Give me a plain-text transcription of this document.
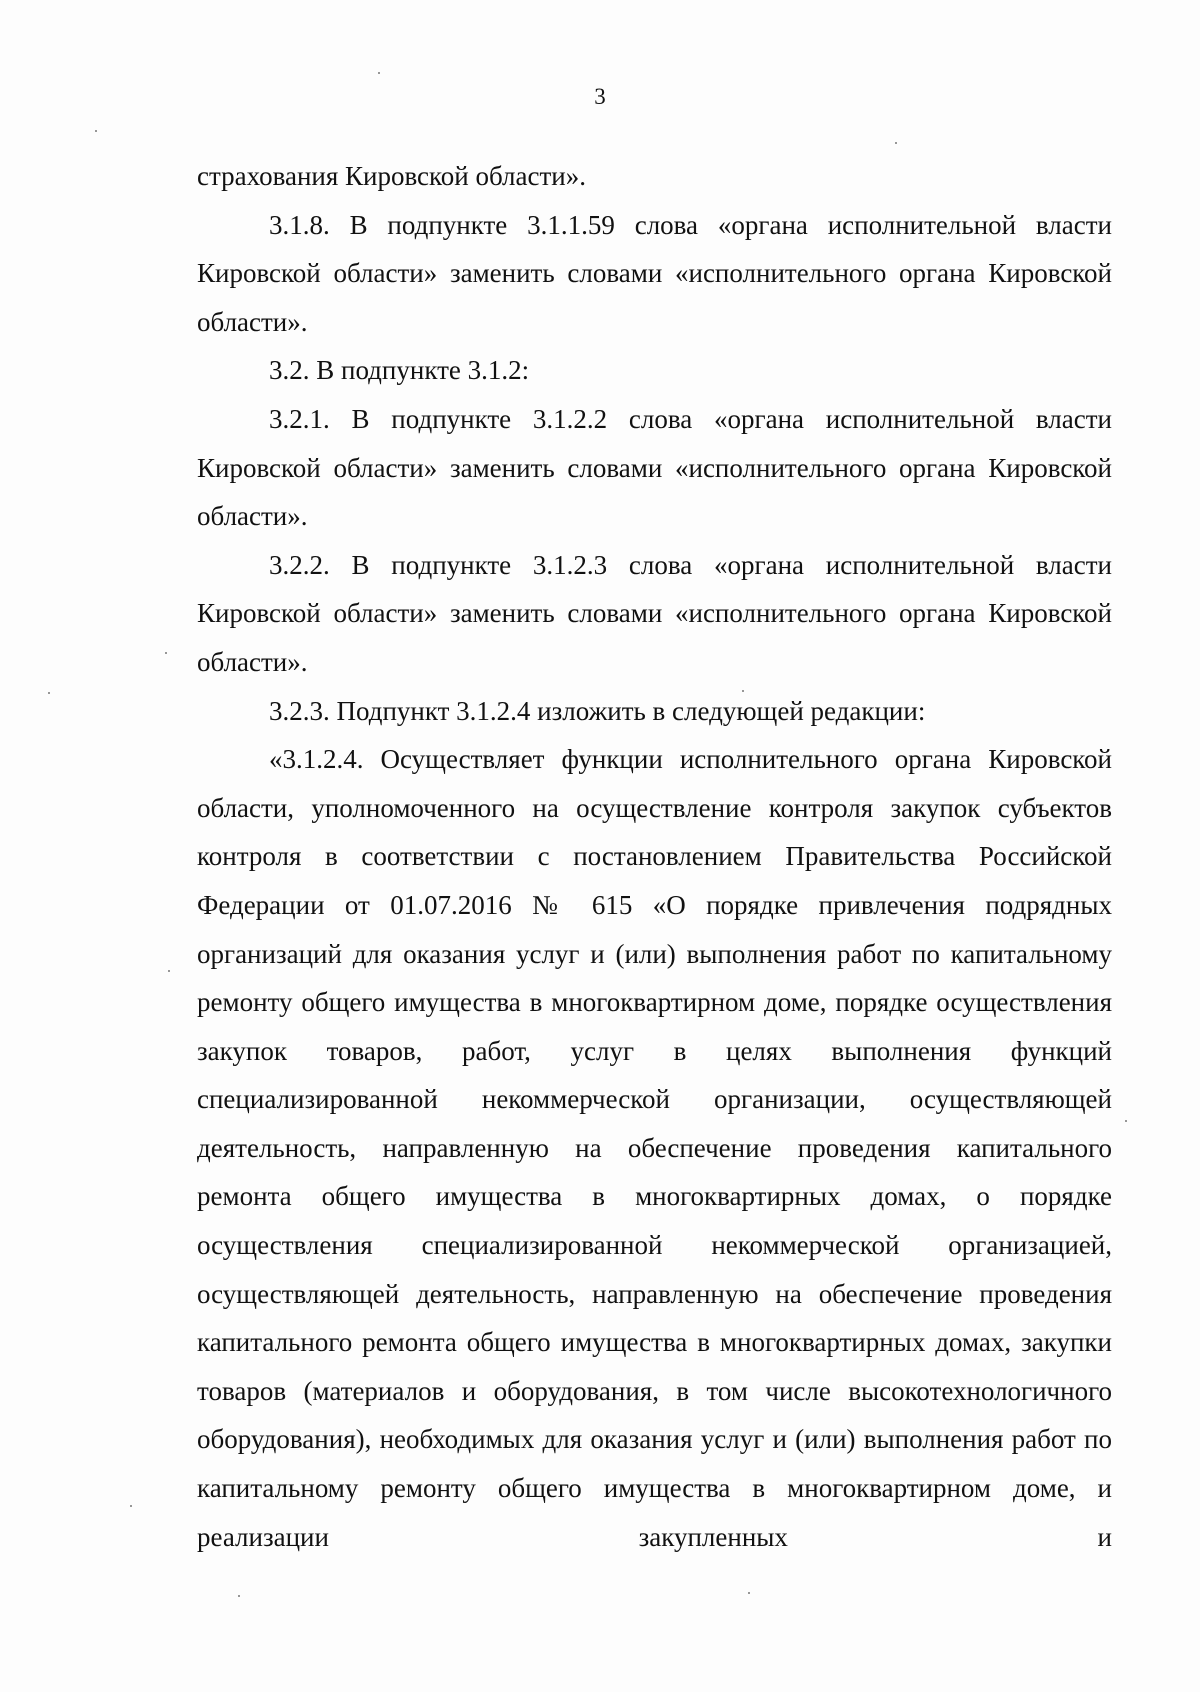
3

страхования Кировской области».

3.1.8. В подпункте 3.1.1.59 слова «органа исполнительной власти Кировской области» заменить словами «исполнительного органа Кировской области».

3.2. В подпункте 3.1.2:

3.2.1. В подпункте 3.1.2.2 слова «органа исполнительной власти Кировской области» заменить словами «исполнительного органа Кировской области».

3.2.2. В подпункте 3.1.2.3 слова «органа исполнительной власти Кировской области» заменить словами «исполнительного органа Кировской области».

3.2.3. Подпункт 3.1.2.4 изложить в следующей редакции:

«3.1.2.4. Осуществляет функции исполнительного органа Кировской области, уполномоченного на осуществление контроля закупок субъектов контроля в соответствии с постановлением Правительства Российской Федерации от 01.07.2016 № 615 «О порядке привлечения подрядных организаций для оказания услуг и (или) выполнения работ по капитальному ремонту общего имущества в многоквартирном доме, порядке осуществления закупок товаров, работ, услуг в целях выполнения функций специализированной некоммерческой организации, осуществляющей деятельность, направленную на обеспечение проведения капитального ремонта общего имущества в многоквартирных домах, о порядке осуществления специализированной некоммерческой организацией, осуществляющей деятельность, направленную на обеспечение проведения капитального ремонта общего имущества в многоквартирных домах, закупки товаров (материалов и оборудования, в том числе высокотехнологичного оборудования), необходимых для оказания услуг и (или) выполнения работ по капитальному ремонту общего имущества в многоквартирном доме, и реализации закупленных и
